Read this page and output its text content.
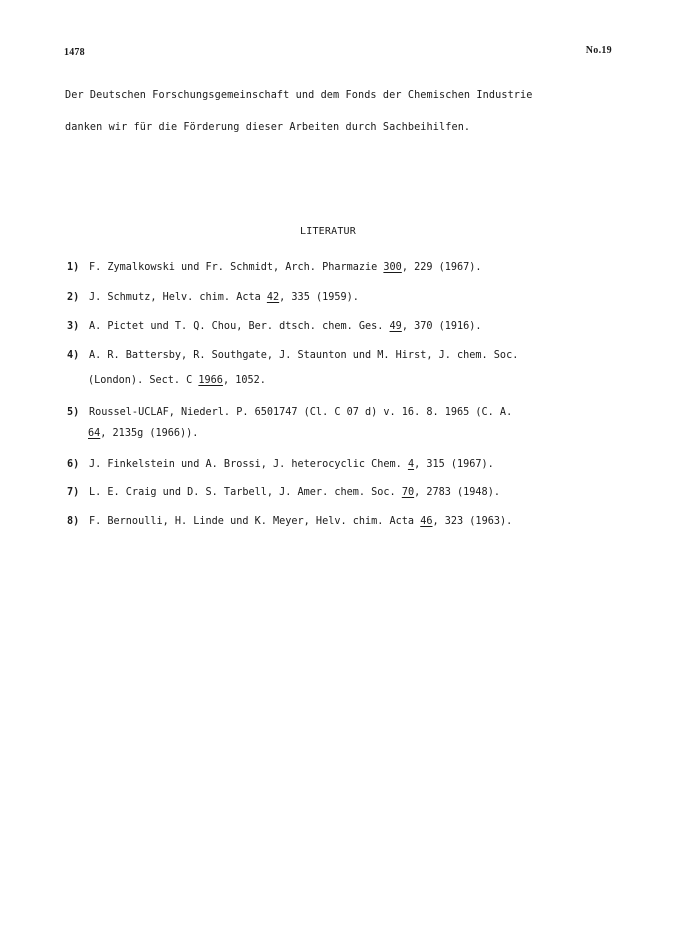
1478	No.19
Der Deutschen Forschungsgemeinschaft und dem Fonds der Chemischen Industrie
danken wir für die Förderung dieser Arbeiten durch Sachbeihilfen.
LITERATUR
1) F. Zymalkowski und Fr. Schmidt, Arch. Pharmazie 300, 229 (1967).
2) J. Schmutz, Helv. chim. Acta 42, 335 (1959).
3) A. Pictet und T. Q. Chou, Ber. dtsch. chem. Ges. 49, 370 (1916).
4) A. R. Battersby, R. Southgate, J. Staunton und M. Hirst, J. chem. Soc.
(London). Sect. C 1966, 1052.
5) Roussel-UCLAF, Niederl. P. 6501747 (Cl. C 07 d) v. 16. 8. 1965 (C. A.
64, 2135g (1966)).
6) J. Finkelstein und A. Brossi, J. heterocyclic Chem. 4, 315 (1967).
7) L. E. Craig und D. S. Tarbell, J. Amer. chem. Soc. 70, 2783 (1948).
8) F. Bernoulli, H. Linde und K. Meyer, Helv. chim. Acta 46, 323 (1963).
